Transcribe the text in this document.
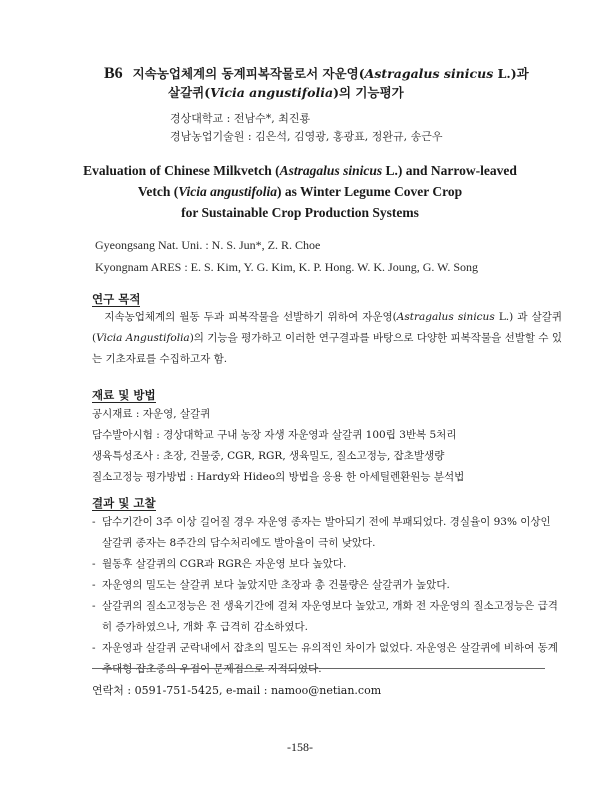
B6 지속농업체계의 동계피복작물로서 자운영(Astragalus sinicus L.)과
살갈퀴(Vicia angustifolia)의 기능평가
경상대학교 : 전남수*, 최진룡
경남농업기술원 : 김은석, 김영광, 홍광표, 정완규, 송근우
Evaluation of Chinese Milkvetch (Astragalus sinicus L.) and Narrow-leaved
Vetch (Vicia angustifolia) as Winter Legume Cover Crop
for Sustainable Crop Production Systems
Gyeongsang Nat. Uni. : N. S. Jun*, Z. R. Choe
Kyongnam ARES : E. S. Kim, Y. G. Kim, K. P. Hong. W. K. Joung, G. W. Song
연구 목적
지속농업체계의 월동 두과 피복작물을 선발하기 위하여 자운영(Astragalus sinicus L.) 과 살갈퀴(Vicia Angustifolia)의 기능을 평가하고 이러한 연구결과를 바탕으로 다양한 피복작물을 선발할 수 있는 기초자료를 수집하고자 함.
재료 및 방법
공시재료 : 자운영, 살갈퀴
담수발아시험 : 경상대학교 구내 농장 자생 자운영과 살갈퀴 100립 3반복 5처리
생육특성조사 : 초장, 건물중, CGR, RGR, 생육밀도, 질소고정능, 잡초발생량
질소고정능 평가방법 : Hardy와 Hideo의 방법을 응용 한 아세틸렌환원능 분석법
결과 및 고찰
- 담수기간이 3주 이상 길어질 경우 자운영 종자는 발아되기 전에 부패되었다. 경실율이 93% 이상인 살갈퀴 종자는 8주간의 담수처리에도 발아율이 극히 낮았다.
- 월동후 살갈퀴의 CGR과 RGR은 자운영 보다 높았다.
- 자운영의 밀도는 살갈퀴 보다 높았지만 초장과 총 건물량은 살갈퀴가 높았다.
- 살갈퀴의 질소고정능은 전 생육기간에 걸쳐 자운영보다 높았고, 개화 전 자운영의 질소고정능은 급격히 증가하였으나, 개화 후 급격히 감소하였다.
- 자운영과 살갈퀴 군락내에서 잡초의 밀도는 유의적인 차이가 없었다. 자운영은 살갈퀴에 비하여 동계 추대형 잡초종의 우점이 문제점으로 지적되었다.
연락처 : 0591-751-5425, e-mail : namoo@netian.com
-158-
